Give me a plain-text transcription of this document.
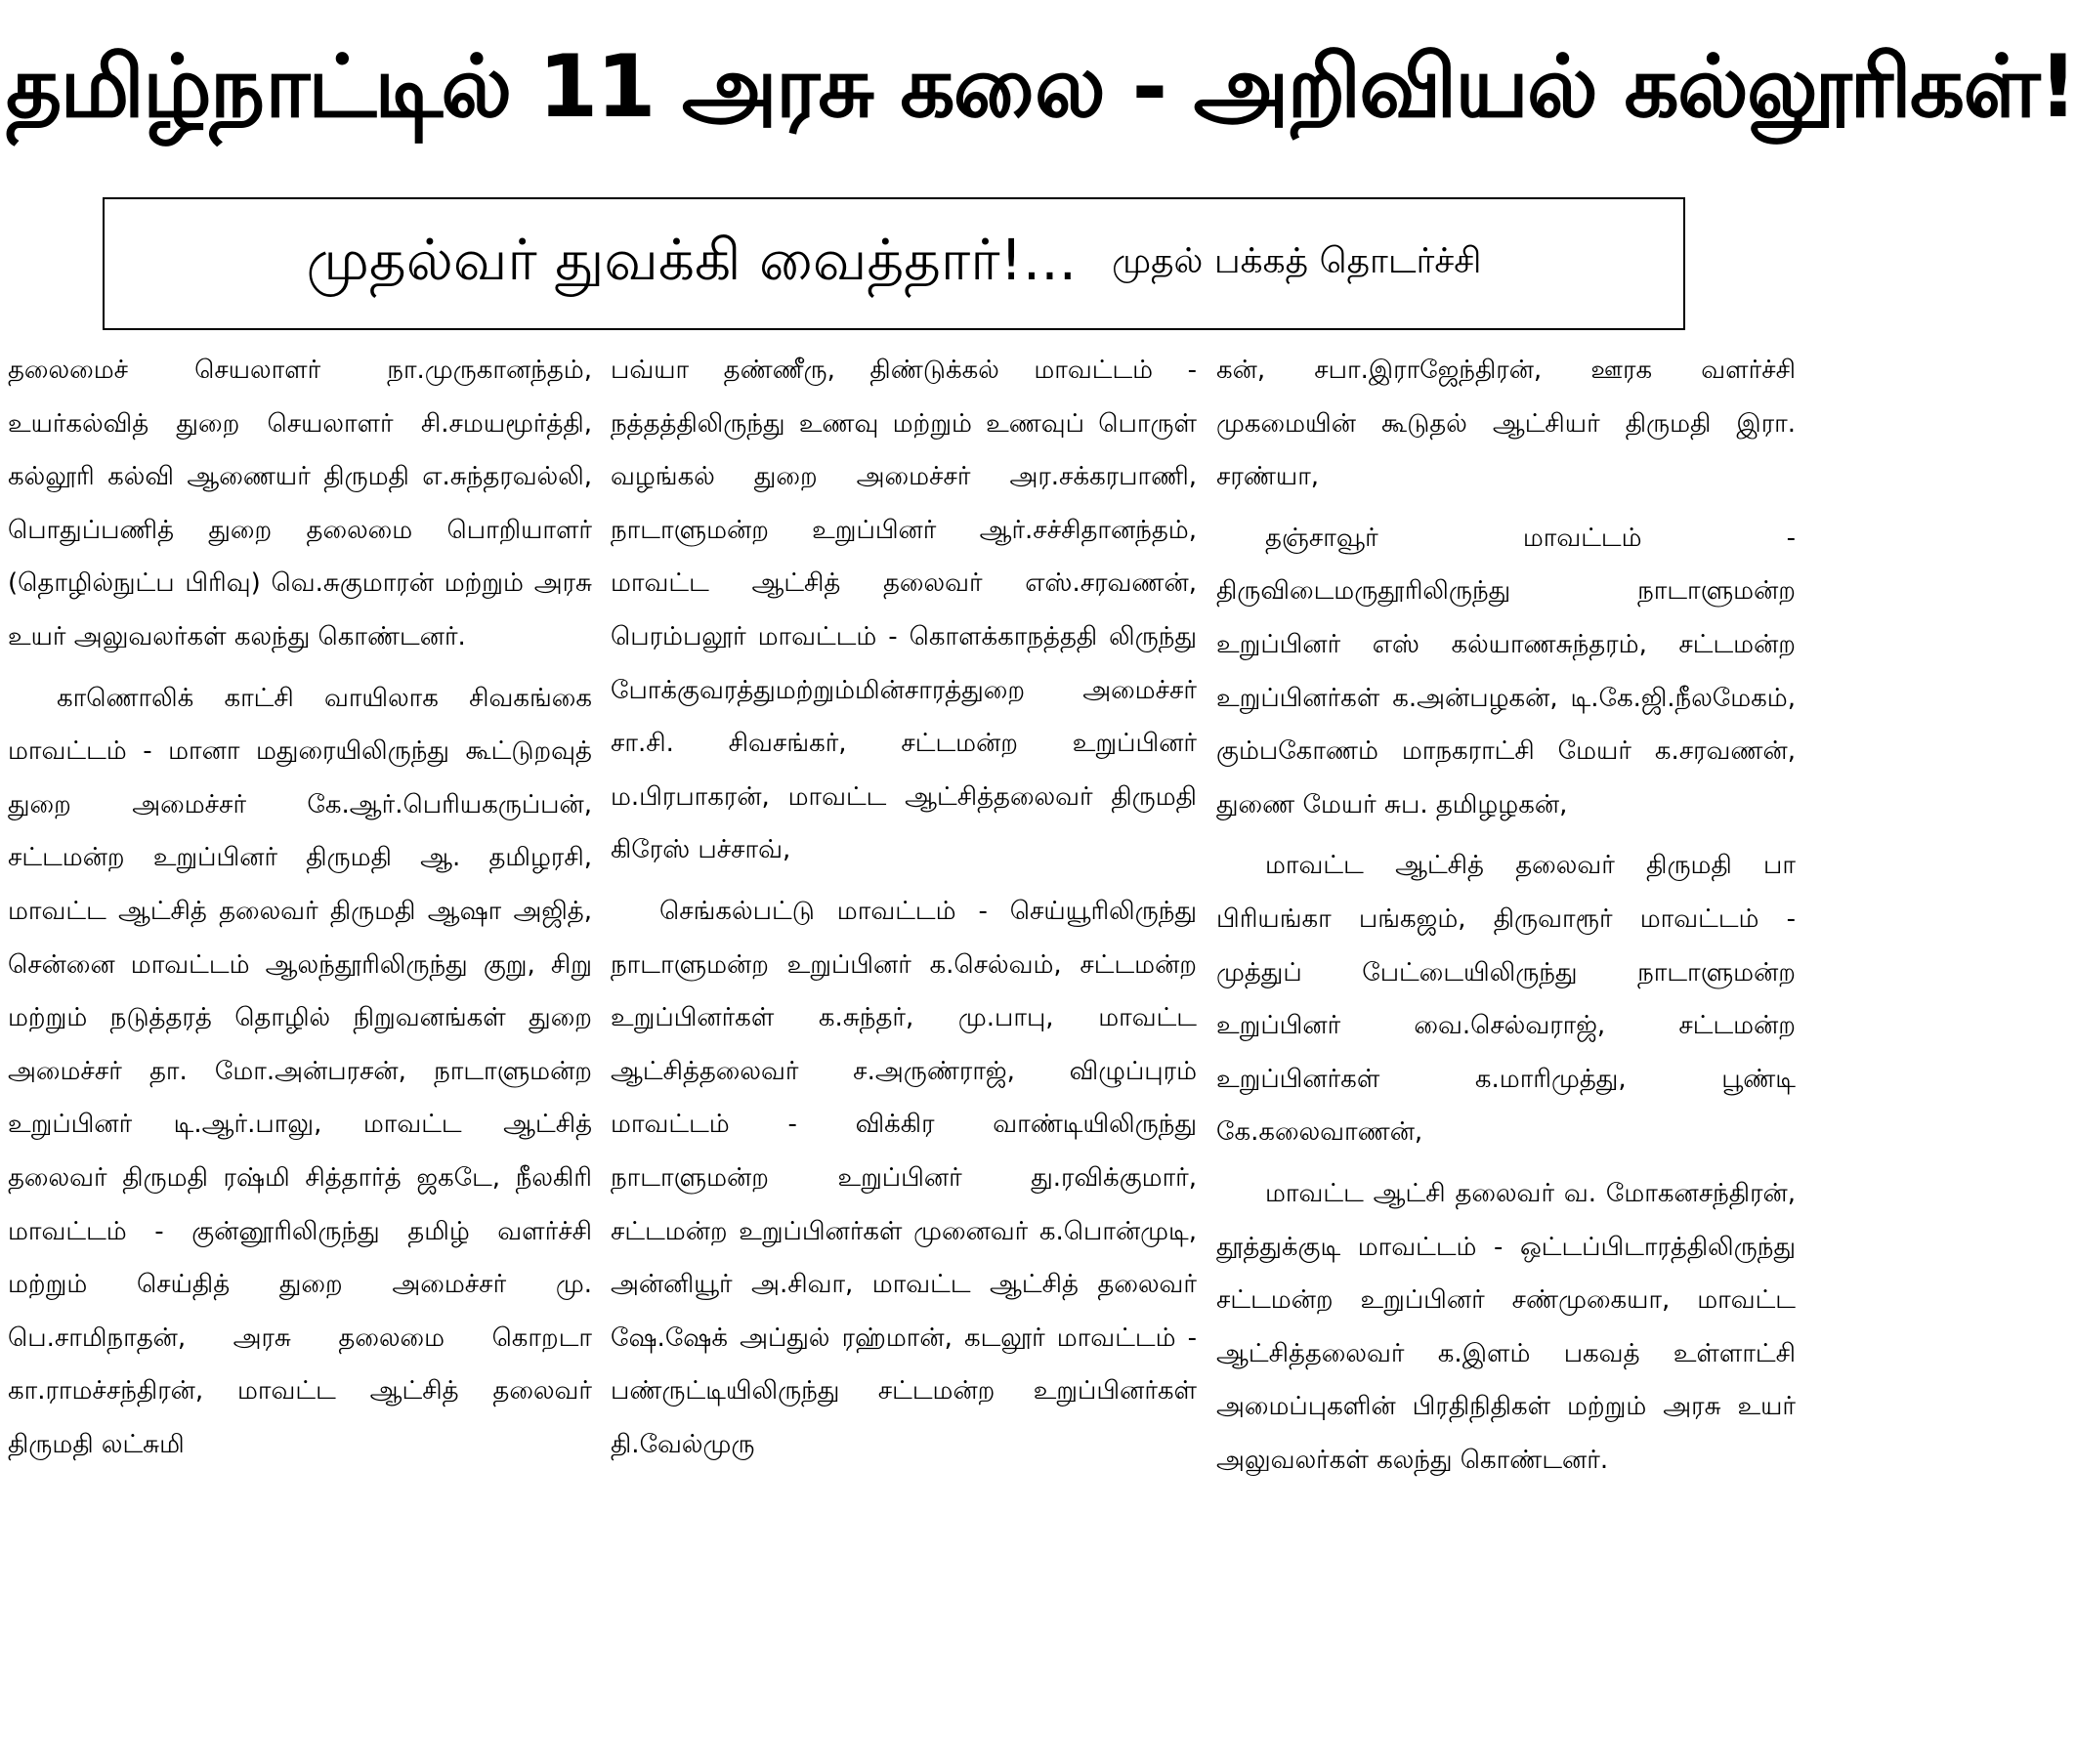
தமிழ்நாட்டில் 11 அரசு கலை - அறிவியல் கல்லூரிகள்!
முதல்வர் துவக்கி வைத்தார்!... முதல் பக்கத் தொடர்ச்சி

தலைமைச் செயலாளர் நா.முருகானந்தம், உயர்கல்வித் துறை செயலாளர் சி.சமயமூர்த்தி, கல்லூரி கல்வி ஆணையர் திருமதி எ.சுந்தரவல்லி, பொதுப்பணித் துறை தலைமை பொறியாளர் (தொழில்நுட்ப பிரிவு) வெ.சுகுமாரன் மற்றும் அரசு உயர் அலுவலர்கள் கலந்து கொண்டனர்.

காணொலிக் காட்சி வாயிலாக சிவகங்கை மாவட்டம் - மானா மதுரையிலிருந்து கூட்டுறவுத் துறை அமைச்சர் கே.ஆர்.பெரியகருப்பன், சட்டமன்ற உறுப்பினர் திருமதி ஆ. தமிழரசி, மாவட்ட ஆட்சித் தலைவர் திருமதி ஆஷா அஜித், சென்னை மாவட்டம் ஆலந்தூரிலிருந்து குறு, சிறு மற்றும் நடுத்தரத் தொழில் நிறுவனங்கள் துறை அமைச்சர் தா. மோ.அன்பரசன், நாடாளுமன்ற உறுப்பினர் டி.ஆர்.பாலு, மாவட்ட ஆட்சித் தலைவர் திருமதி ரஷ்மி சித்தார்த் ஜகடே, நீலகிரி மாவட்டம் - குன்னூரிலிருந்து தமிழ் வளர்ச்சி மற்றும் செய்தித் துறை அமைச்சர் மு. பெ.சாமிநாதன், அரசு தலைமை கொறடா கா.ராமச்சந்திரன், மாவட்ட ஆட்சித் தலைவர் திருமதி லட்சுமி

பவ்யா தண்ணீரு, திண்டுக்கல் மாவட்டம் - நத்தத்திலிருந்து உணவு மற்றும் உணவுப் பொருள் வழங்கல் துறை அமைச்சர் அர.சக்கரபாணி, நாடாளுமன்ற உறுப்பினர் ஆர்.சச்சிதானந்தம், மாவட்ட ஆட்சித் தலைவர் எஸ்.சரவணன், பெரம்பலூர் மாவட்டம் - கொளக்காநத்ததி லிருந்து போக்குவரத்துமற்றும்மின்சாரத்துறை அமைச்சர் சா.சி. சிவசங்கர், சட்டமன்ற உறுப்பினர் ம.பிரபாகரன், மாவட்ட ஆட்சித்தலைவர் திருமதி கிரேஸ் பச்சாவ்,

செங்கல்பட்டு மாவட்டம் - செய்யூரிலிருந்து நாடாளுமன்ற உறுப்பினர் க.செல்வம், சட்டமன்ற உறுப்பினர்கள் க.சுந்தர், மு.பாபு, மாவட்ட ஆட்சித்தலைவர் ச.அருண்ராஜ், விழுப்புரம் மாவட்டம் - விக்கிர வாண்டியிலிருந்து நாடாளுமன்ற உறுப்பினர் து.ரவிக்குமார், சட்டமன்ற உறுப்பினர்கள் முனைவர் க.பொன்முடி, அன்னியூர் அ.சிவா, மாவட்ட ஆட்சித் தலைவர் ஷே.ஷேக் அப்துல் ரஹ்மான், கடலூர் மாவட்டம் - பண்ருட்டியிலிருந்து சட்டமன்ற உறுப்பினர்கள் தி.வேல்முரு

கன், சபா.இராஜேந்திரன், ஊரக வளர்ச்சி முகமையின் கூடுதல் ஆட்சியர் திருமதி இரா. சரண்யா,

தஞ்சாவூர் மாவட்டம் - திருவிடைமருதூரிலிருந்து நாடாளுமன்ற உறுப்பினர் எஸ் கல்யாணசுந்தரம், சட்டமன்ற உறுப்பினர்கள் க.அன்பழகன், டி.கே.ஜி.நீலமேகம், கும்பகோணம் மாநகராட்சி மேயர் க.சரவணன், துணை மேயர் சுப. தமிழழகன்,

மாவட்ட ஆட்சித் தலைவர் திருமதி பா பிரியங்கா பங்கஜம், திருவாரூர் மாவட்டம் - முத்துப் பேட்டையிலிருந்து நாடாளுமன்ற உறுப்பினர் வை.செல்வராஜ், சட்டமன்ற உறுப்பினர்கள் க.மாரிமுத்து, பூண்டி கே.கலைவாணன்,

மாவட்ட ஆட்சி தலைவர் வ. மோகனசந்திரன், தூத்துக்குடி மாவட்டம் - ஒட்டப்பிடாரத்திலிருந்து சட்டமன்ற உறுப்பினர் சண்முகையா, மாவட்ட ஆட்சித்தலைவர் க.இளம் பகவத் உள்ளாட்சி அமைப்புகளின் பிரதிநிதிகள் மற்றும் அரசு உயர் அலுவலர்கள் கலந்து கொண்டனர்.
